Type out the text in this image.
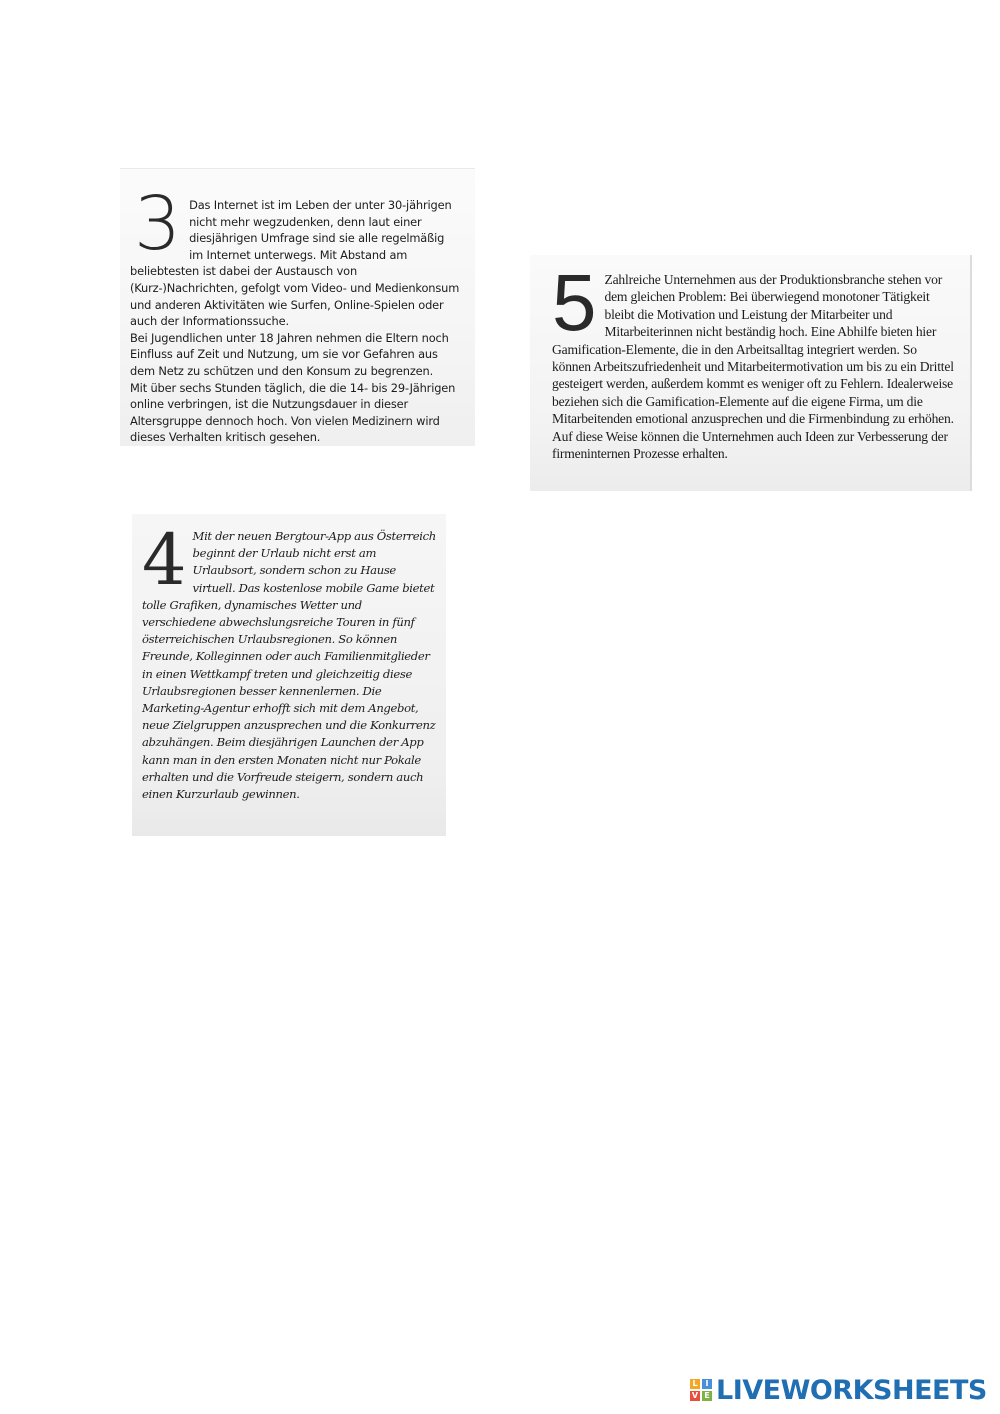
3 Das Internet ist im Leben der unter 30-jährigen nicht mehr wegzudenken, denn laut einer diesjährigen Umfrage sind sie alle regelmäßig im Internet unterwegs. Mit Abstand am beliebtesten ist dabei der Austausch von (Kurz-)Nachrichten, gefolgt vom Video- und Medienkonsum und anderen Aktivitäten wie Surfen, Online-Spielen oder auch der Informationssuche.

Bei Jugendlichen unter 18 Jahren nehmen die Eltern noch Einfluss auf Zeit und Nutzung, um sie vor Gefahren aus dem Netz zu schützen und den Konsum zu begrenzen.

Mit über sechs Stunden täglich, die die 14- bis 29-Jährigen online verbringen, ist die Nutzungsdauer in dieser Altersgruppe dennoch hoch. Von vielen Medizinern wird dieses Verhalten kritisch gesehen.

5 Zahlreiche Unternehmen aus der Produktionsbranche stehen vor dem gleichen Problem: Bei überwiegend monotoner Tätigkeit bleibt die Motivation und Leistung der Mitarbeiter und Mitarbeiterinnen nicht beständig hoch. Eine Abhilfe bieten hier Gamification-Elemente, die in den Arbeitsalltag integriert werden. So können Arbeitszufriedenheit und Mitarbeitermotivation um bis zu ein Drittel gesteigert werden, außerdem kommt es weniger oft zu Fehlern. Idealerweise beziehen sich die Gamification-Elemente auf die eigene Firma, um die Mitarbeitenden emotional anzusprechen und die Firmenbindung zu erhöhen. Auf diese Weise können die Unternehmen auch Ideen zur Verbesserung der firmeninternen Prozesse erhalten.

4 Mit der neuen Bergtour-App aus Österreich beginnt der Urlaub nicht erst am Urlaubsort, sondern schon zu Hause virtuell. Das kostenlose mobile Game bietet tolle Grafiken, dynamisches Wetter und verschiedene abwechslungsreiche Touren in fünf österreichischen Urlaubsregionen. So können Freunde, Kolleginnen oder auch Familienmitglieder in einen Wettkampf treten und gleichzeitig diese Urlaubsregionen besser kennenlernen. Die Marketing-Agentur erhofft sich mit dem Angebot, neue Zielgruppen anzusprechen und die Konkurrenz abzuhängen. Beim diesjährigen Launchen der App kann man in den ersten Monaten nicht nur Pokale erhalten und die Vorfreude steigern, sondern auch einen Kurzurlaub gewinnen.

L I
V E LIVEWORKSHEETS
